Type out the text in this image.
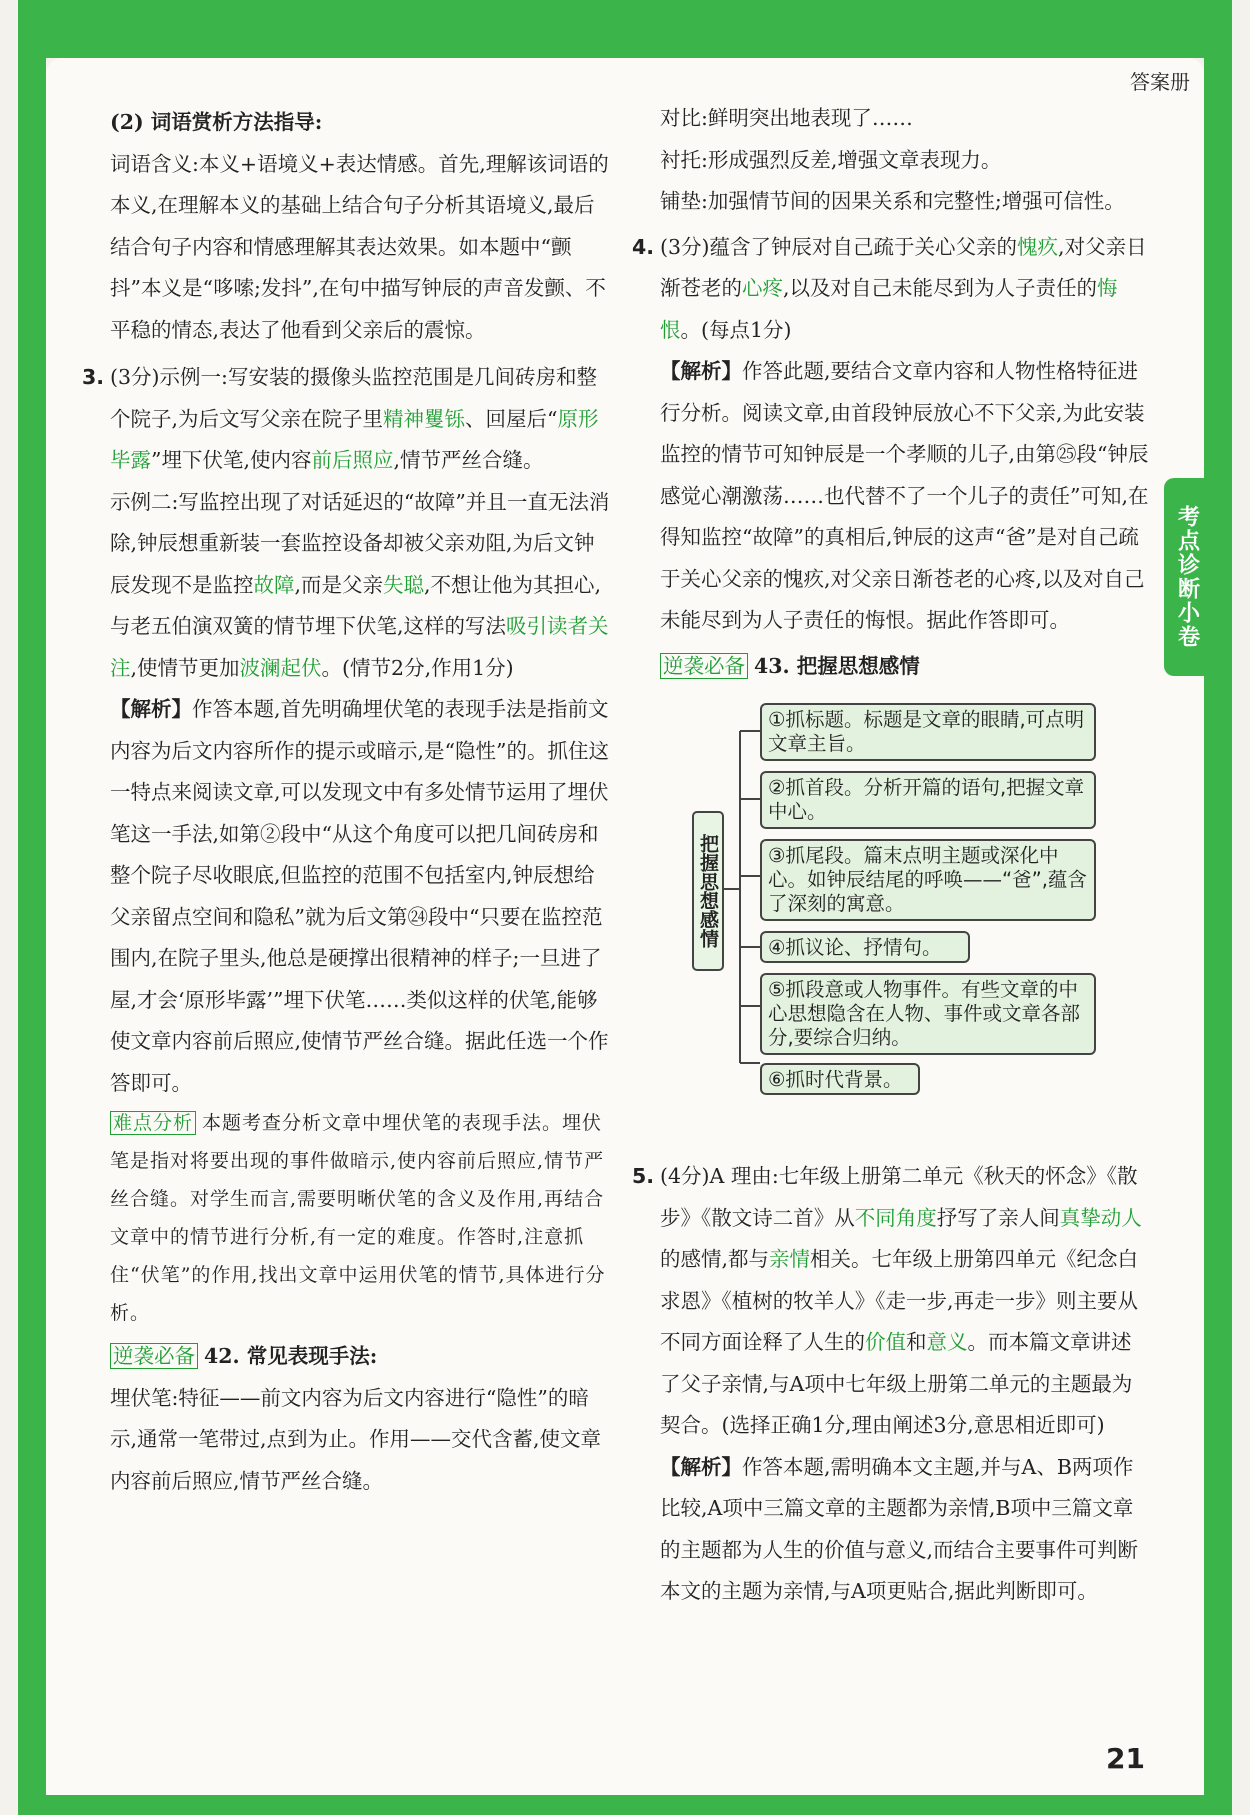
答案册
考点诊断小卷

(2) 词语赏析方法指导:

词语含义:本义+语境义+表达情感。首先,理解该词语的本义,在理解本义的基础上结合句子分析其语境义,最后结合句子内容和情感理解其表达效果。如本题中“颤抖”本义是“哆嗦;发抖”,在句中描写钟辰的声音发颤、不平稳的情态,表达了他看到父亲后的震惊。

3. (3分)示例一:写安装的摄像头监控范围是几间砖房和整个院子,为后文写父亲在院子里精神矍铄、回屋后“原形毕露”埋下伏笔,使内容前后照应,情节严丝合缝。

示例二:写监控出现了对话延迟的“故障”并且一直无法消除,钟辰想重新装一套监控设备却被父亲劝阻,为后文钟辰发现不是监控故障,而是父亲失聪,不想让他为其担心,与老五伯演双簧的情节埋下伏笔,这样的写法吸引读者关注,使情节更加波澜起伏。(情节2分,作用1分)

【解析】作答本题,首先明确埋伏笔的表现手法是指前文内容为后文内容所作的提示或暗示,是“隐性”的。抓住这一特点来阅读文章,可以发现文中有多处情节运用了埋伏笔这一手法,如第②段中“从这个角度可以把几间砖房和整个院子尽收眼底,但监控的范围不包括室内,钟辰想给父亲留点空间和隐私”就为后文第㉔段中“只要在监控范围内,在院子里头,他总是硬撑出很精神的样子;一旦进了屋,才会‘原形毕露’”埋下伏笔……类似这样的伏笔,能够使文章内容前后照应,使情节严丝合缝。据此任选一个作答即可。

难点分析 本题考查分析文章中埋伏笔的表现手法。埋伏笔是指对将要出现的事件做暗示,使内容前后照应,情节严丝合缝。对学生而言,需要明晰伏笔的含义及作用,再结合文章中的情节进行分析,有一定的难度。作答时,注意抓住“伏笔”的作用,找出文章中运用伏笔的情节,具体进行分析。

逆袭必备 42. 常见表现手法:

埋伏笔:特征——前文内容为后文内容进行“隐性”的暗示,通常一笔带过,点到为止。作用——交代含蓄,使文章内容前后照应,情节严丝合缝。

对比:鲜明突出地表现了……

衬托:形成强烈反差,增强文章表现力。

铺垫:加强情节间的因果关系和完整性;增强可信性。

4. (3分)蕴含了钟辰对自己疏于关心父亲的愧疚,对父亲日渐苍老的心疼,以及对自己未能尽到为人子责任的悔恨。(每点1分)

【解析】作答此题,要结合文章内容和人物性格特征进行分析。阅读文章,由首段钟辰放心不下父亲,为此安装监控的情节可知钟辰是一个孝顺的儿子,由第㉕段“钟辰感觉心潮激荡……也代替不了一个儿子的责任”可知,在得知监控“故障”的真相后,钟辰的这声“爸”是对自己疏于关心父亲的愧疚,对父亲日渐苍老的心疼,以及对自己未能尽到为人子责任的悔恨。据此作答即可。

逆袭必备 43. 把握思想感情

把握思想感情
①抓标题。标题是文章的眼睛,可点明文章主旨。
②抓首段。分析开篇的语句,把握文章中心。
③抓尾段。篇末点明主题或深化中心。如钟辰结尾的呼唤——“爸”,蕴含了深刻的寓意。
④抓议论、抒情句。
⑤抓段意或人物事件。有些文章的中心思想隐含在人物、事件或文章各部分,要综合归纳。
⑥抓时代背景。

5. (4分)A 理由:七年级上册第二单元《秋天的怀念》《散步》《散文诗二首》从不同角度抒写了亲人间真挚动人的感情,都与亲情相关。七年级上册第四单元《纪念白求恩》《植树的牧羊人》《走一步,再走一步》则主要从不同方面诠释了人生的价值和意义。而本篇文章讲述了父子亲情,与A项中七年级上册第二单元的主题最为契合。(选择正确1分,理由阐述3分,意思相近即可)

【解析】作答本题,需明确本文主题,并与A、B两项作比较,A项中三篇文章的主题都为亲情,B项中三篇文章的主题都为人生的价值与意义,而结合主要事件可判断本文的主题为亲情,与A项更贴合,据此判断即可。

21
